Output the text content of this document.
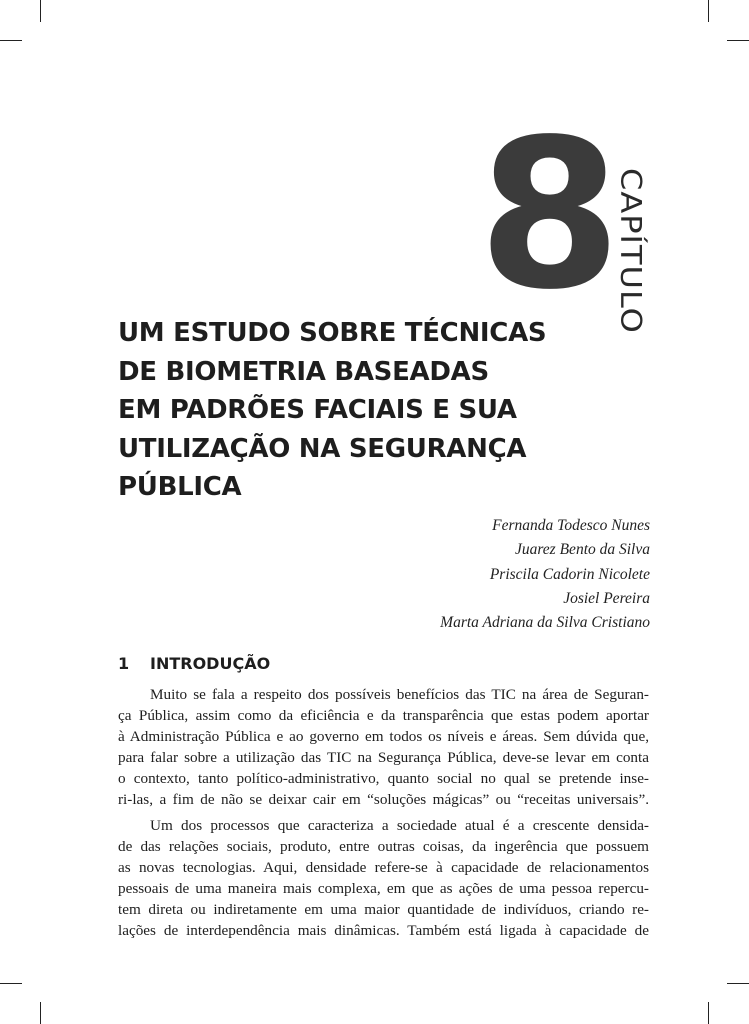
8
CAPÍTULO
UM ESTUDO SOBRE TÉCNICAS
DE BIOMETRIA BASEADAS
EM PADRÕES FACIAIS E SUA
UTILIZAÇÃO NA SEGURANÇA
PÚBLICA
Fernanda Todesco Nunes
Juarez Bento da Silva
Priscila Cadorin Nicolete
Josiel Pereira
Marta Adriana da Silva Cristiano
1 INTRODUÇÃO
Muito se fala a respeito dos possíveis benefícios das TIC na área de Seguran-
ça Pública, assim como da eficiência e da transparência que estas podem aportar
à Administração Pública e ao governo em todos os níveis e áreas. Sem dúvida que,
para falar sobre a utilização das TIC na Segurança Pública, deve-se levar em conta
o contexto, tanto político-administrativo, quanto social no qual se pretende inse-
ri-las, a fim de não se deixar cair em “soluções mágicas” ou “receitas universais”.
Um dos processos que caracteriza a sociedade atual é a crescente densida-
de das relações sociais, produto, entre outras coisas, da ingerência que possuem
as novas tecnologias. Aqui, densidade refere-se à capacidade de relacionamentos
pessoais de uma maneira mais complexa, em que as ações de uma pessoa repercu-
tem direta ou indiretamente em uma maior quantidade de indivíduos, criando re-
lações de interdependência mais dinâmicas. Também está ligada à capacidade de
